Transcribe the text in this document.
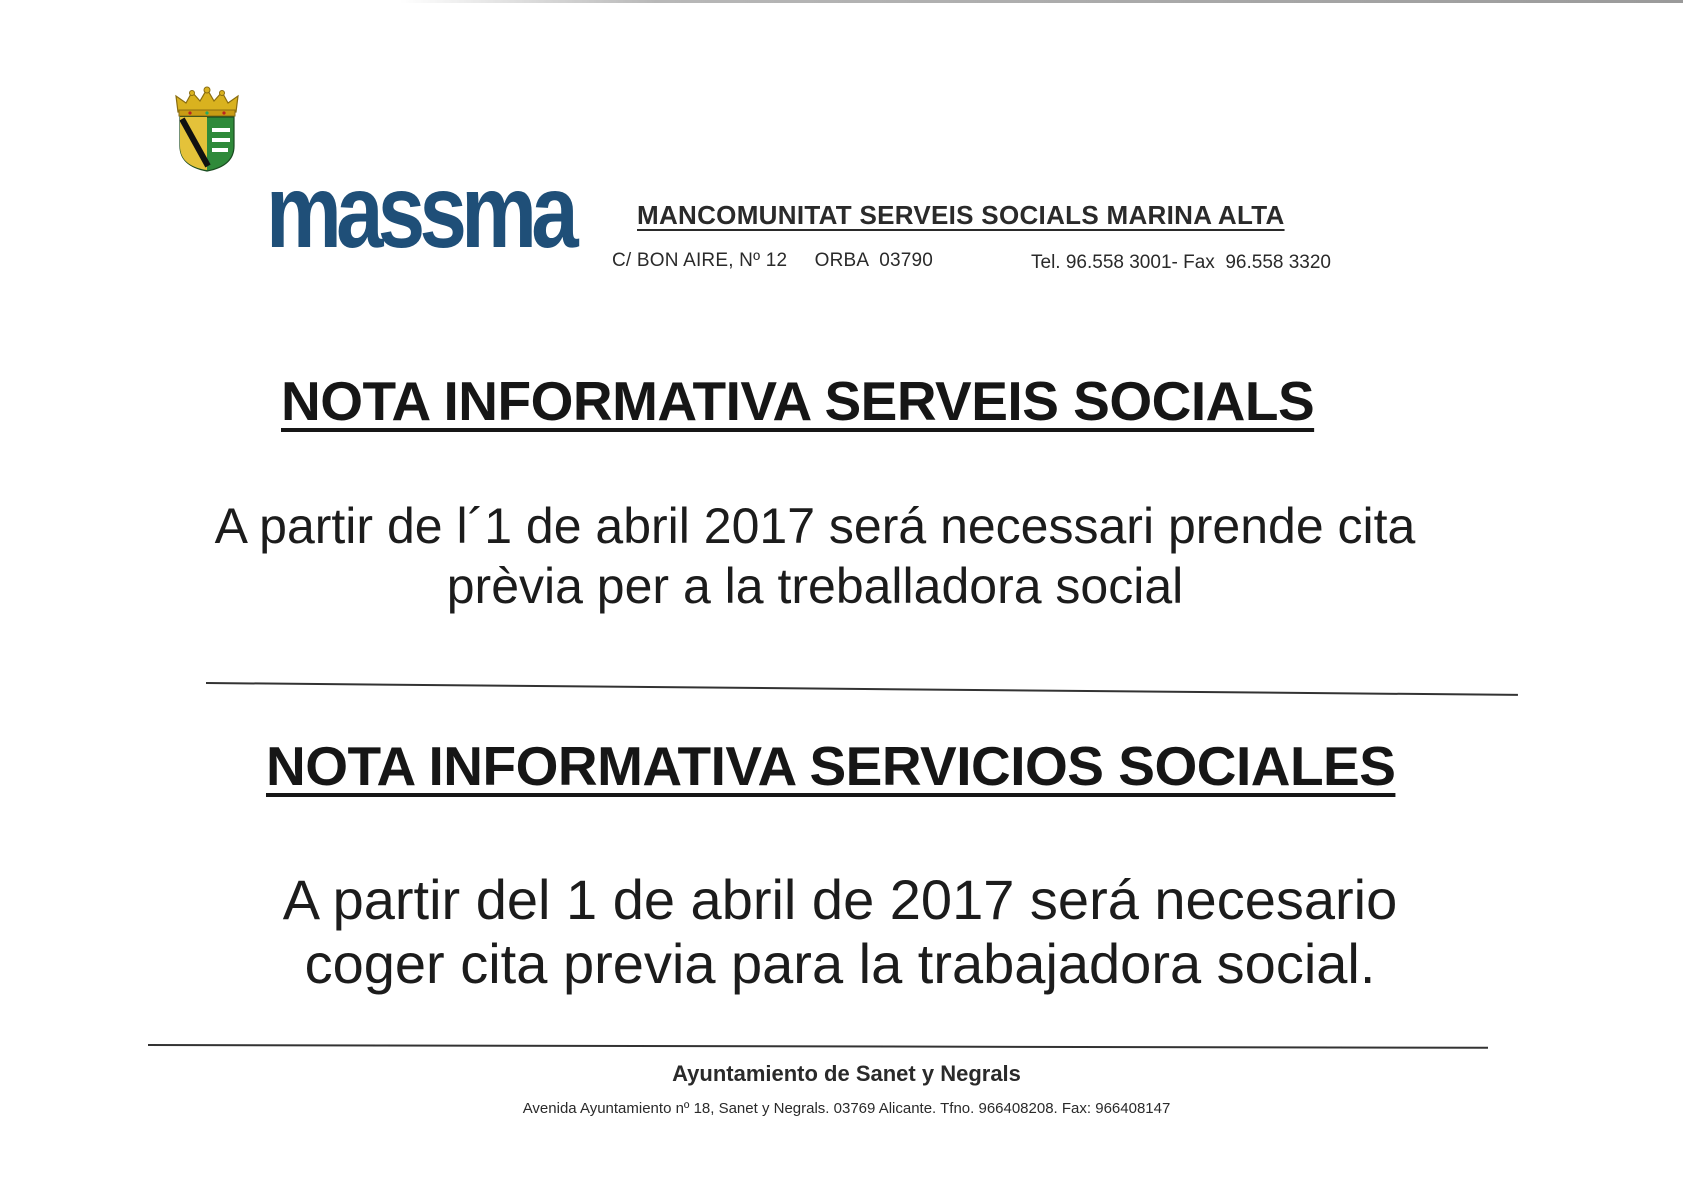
massma MANCOMUNITAT SERVEIS SOCIALS MARINA ALTA
C/ BON AIRE, Nº 12     ORBA  03790	Tel. 96.558 3001- Fax  96.558 3320
NOTA INFORMATIVA SERVEIS SOCIALS
A partir de l´1 de abril 2017 será necessari prende cita
prèvia per a la treballadora social
NOTA INFORMATIVA SERVICIOS SOCIALES
A partir del 1 de abril de 2017 será necesario
coger cita previa para la trabajadora social.
Ayuntamiento de Sanet y Negrals
Avenida Ayuntamiento nº 18, Sanet y Negrals. 03769 Alicante. Tfno. 966408208. Fax: 966408147
